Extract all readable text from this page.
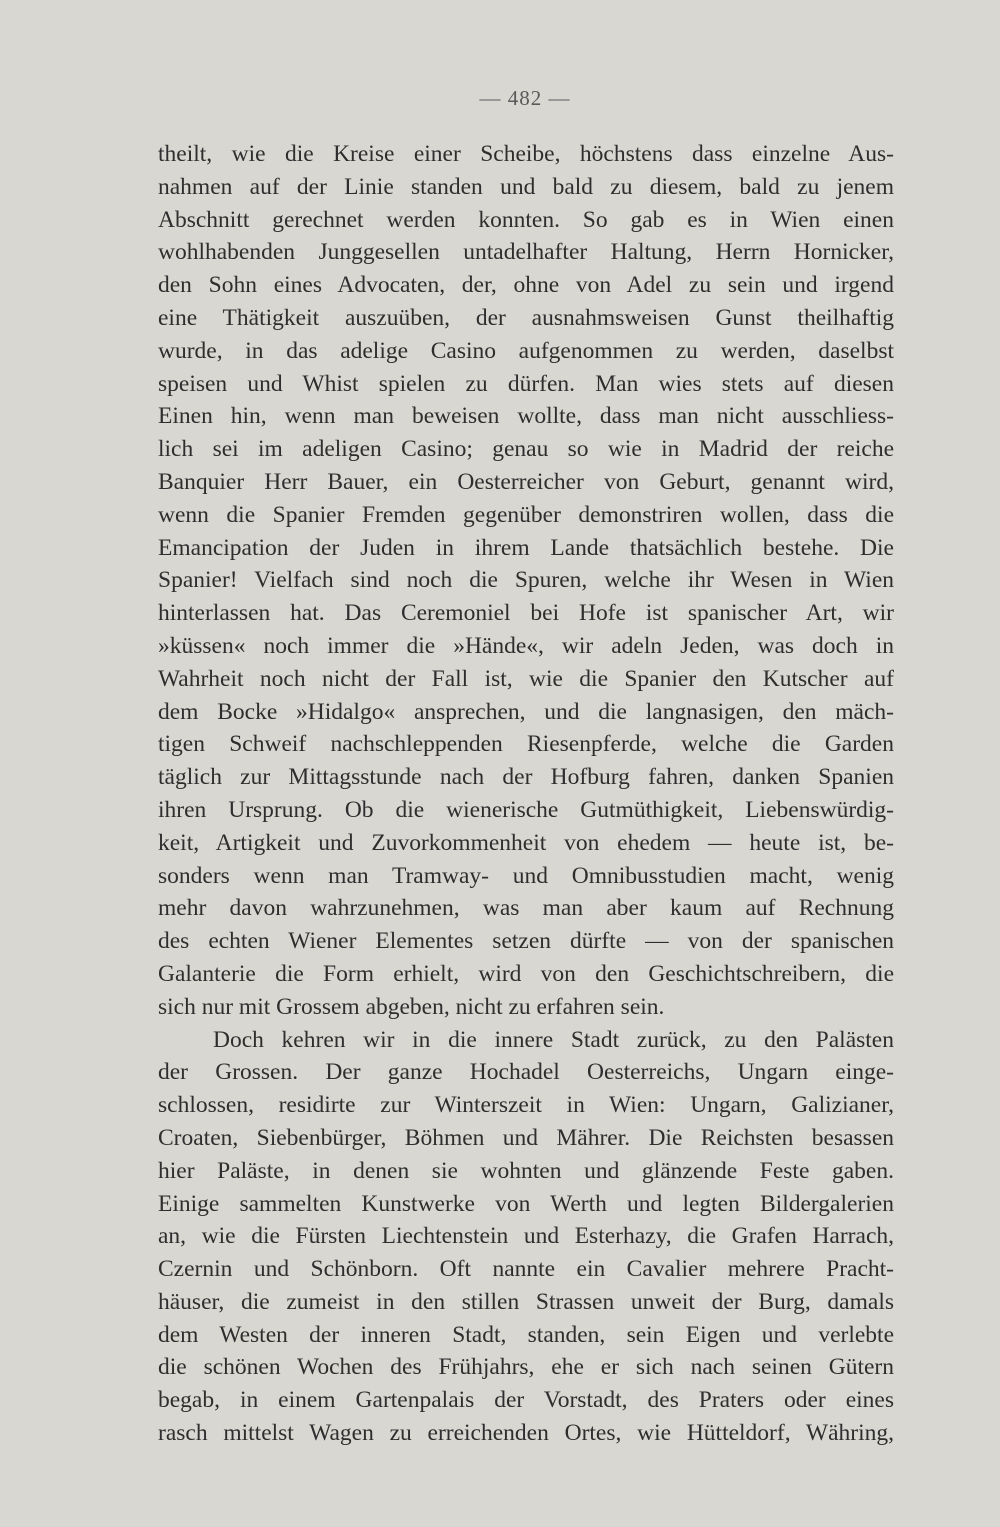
— 482 —
theilt, wie die Kreise einer Scheibe, höchstens dass einzelne Aus-
nahmen auf der Linie standen und bald zu diesem, bald zu jenem
Abschnitt gerechnet werden konnten. So gab es in Wien einen
wohlhabenden Junggesellen untadelhafter Haltung, Herrn Hornicker,
den Sohn eines Advocaten, der, ohne von Adel zu sein und irgend
eine Thätigkeit auszuüben, der ausnahmsweisen Gunst theilhaftig
wurde, in das adelige Casino aufgenommen zu werden, daselbst
speisen und Whist spielen zu dürfen. Man wies stets auf diesen
Einen hin, wenn man beweisen wollte, dass man nicht ausschliess-
lich sei im adeligen Casino; genau so wie in Madrid der reiche
Banquier Herr Bauer, ein Oesterreicher von Geburt, genannt wird,
wenn die Spanier Fremden gegenüber demonstriren wollen, dass die
Emancipation der Juden in ihrem Lande thatsächlich bestehe. Die
Spanier! Vielfach sind noch die Spuren, welche ihr Wesen in Wien
hinterlassen hat. Das Ceremoniel bei Hofe ist spanischer Art, wir
»küssen« noch immer die »Hände«, wir adeln Jeden, was doch in
Wahrheit noch nicht der Fall ist, wie die Spanier den Kutscher auf
dem Bocke »Hidalgo« ansprechen, und die langnasigen, den mäch-
tigen Schweif nachschleppenden Riesenpferde, welche die Garden
täglich zur Mittagsstunde nach der Hofburg fahren, danken Spanien
ihren Ursprung. Ob die wienerische Gutmüthigkeit, Liebenswürdig-
keit, Artigkeit und Zuvorkommenheit von ehedem — heute ist, be-
sonders wenn man Tramway- und Omnibusstudien macht, wenig
mehr davon wahrzunehmen, was man aber kaum auf Rechnung
des echten Wiener Elementes setzen dürfte — von der spanischen
Galanterie die Form erhielt, wird von den Geschichtschreibern, die
sich nur mit Grossem abgeben, nicht zu erfahren sein.
Doch kehren wir in die innere Stadt zurück, zu den Palästen
der Grossen. Der ganze Hochadel Oesterreichs, Ungarn einge-
schlossen, residirte zur Winterszeit in Wien: Ungarn, Galizianer,
Croaten, Siebenbürger, Böhmen und Mährer. Die Reichsten besassen
hier Paläste, in denen sie wohnten und glänzende Feste gaben.
Einige sammelten Kunstwerke von Werth und legten Bildergalerien
an, wie die Fürsten Liechtenstein und Esterhazy, die Grafen Harrach,
Czernin und Schönborn. Oft nannte ein Cavalier mehrere Pracht-
häuser, die zumeist in den stillen Strassen unweit der Burg, damals
dem Westen der inneren Stadt, standen, sein Eigen und verlebte
die schönen Wochen des Frühjahrs, ehe er sich nach seinen Gütern
begab, in einem Gartenpalais der Vorstadt, des Praters oder eines
rasch mittelst Wagen zu erreichenden Ortes, wie Hütteldorf, Währing,
